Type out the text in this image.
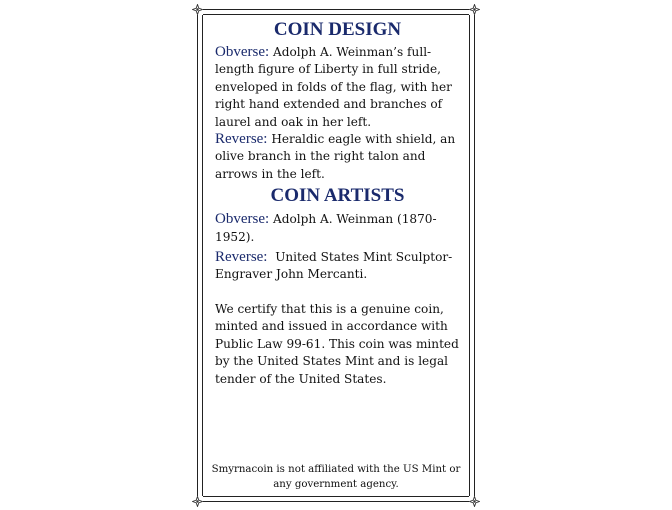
COIN DESIGN

Obverse: Adolph A. Weinman’s full-length figure of Liberty in full stride, enveloped in folds of the flag, with her right hand extended and branches of laurel and oak in her left.

Reverse: Heraldic eagle with shield, an olive branch in the right talon and arrows in the left.

COIN ARTISTS

Obverse: Adolph A. Weinman (1870-1952).

Reverse: United States Mint Sculptor-Engraver John Mercanti.

We certify that this is a genuine coin, minted and issued in accordance with Public Law 99-61. This coin was minted by the United States Mint and is legal tender of the United States.

Smyrnacoin is not affiliated with the US Mint or any government agency.
